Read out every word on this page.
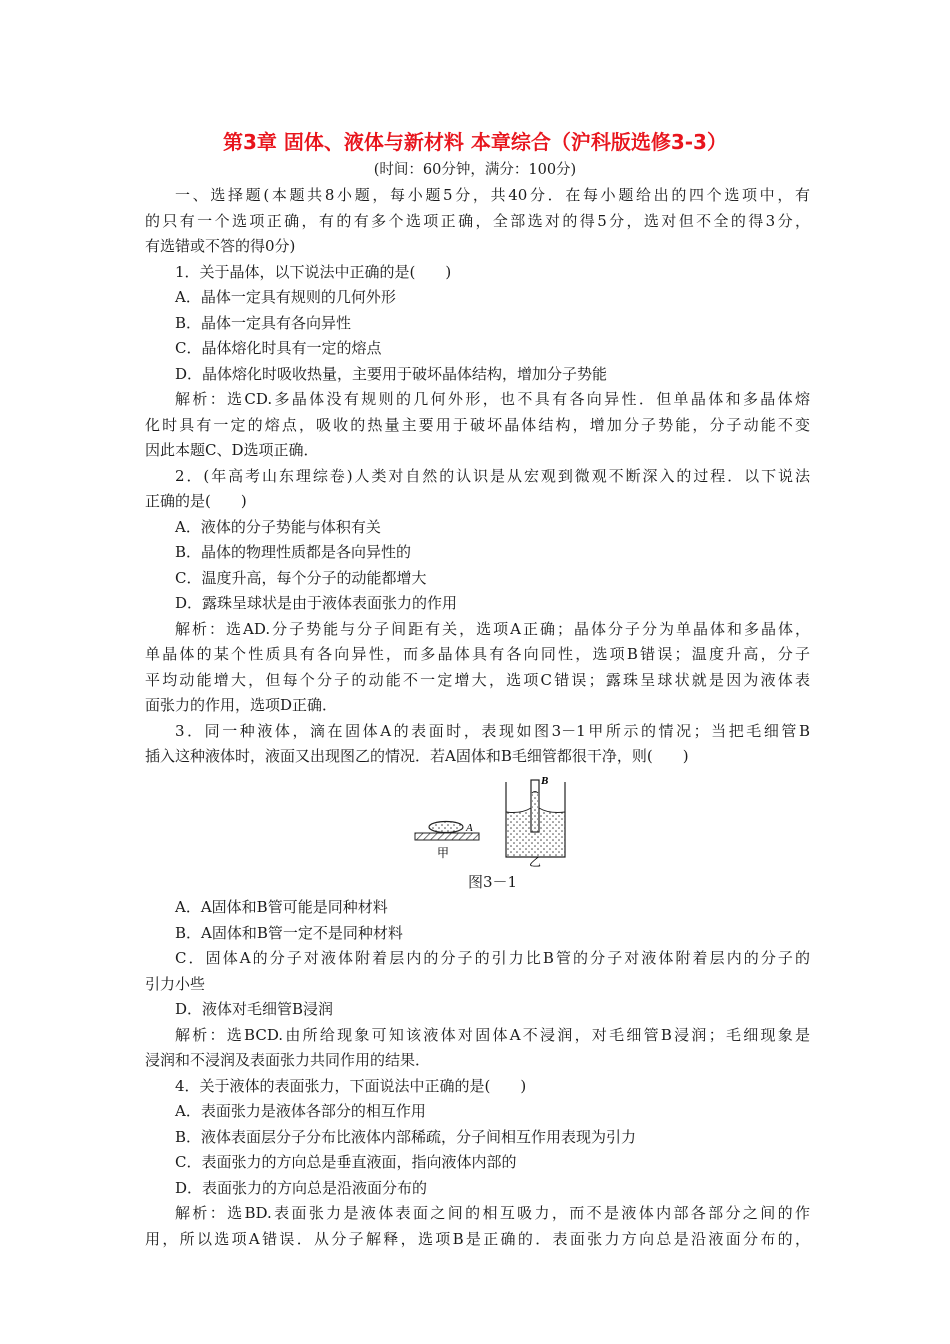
第3章 固体、液体与新材料 本章综合（沪科版选修3-3）
(时间：60分钟，满分：100分)

一、选择题(本题共8小题，每小题5分，共40分．在每小题给出的四个选项中，有

的只有一个选项正确，有的有多个选项正确，全部选对的得5分，选对但不全的得3分，

有选错或不答的得0分)

1．关于晶体，以下说法中正确的是(　　)

A．晶体一定具有规则的几何外形

B．晶体一定具有各向异性

C．晶体熔化时具有一定的熔点

D．晶体熔化时吸收热量，主要用于破坏晶体结构，增加分子势能

解析：选CD.多晶体没有规则的几何外形，也不具有各向异性．但单晶体和多晶体熔

化时具有一定的熔点，吸收的热量主要用于破坏晶体结构，增加分子势能，分子动能不变

因此本题C、D选项正确．

2．(年高考山东理综卷)人类对自然的认识是从宏观到微观不断深入的过程．以下说法

正确的是(　　)

A．液体的分子势能与体积有关

B．晶体的物理性质都是各向异性的

C．温度升高，每个分子的动能都增大

D．露珠呈球状是由于液体表面张力的作用

解析：选AD.分子势能与分子间距有关，选项A正确；晶体分子分为单晶体和多晶体，

单晶体的某个性质具有各向异性，而多晶体具有各向同性，选项B错误；温度升高，分子

平均动能增大，但每个分子的动能不一定增大，选项C错误；露珠呈球状就是因为液体表

面张力的作用，选项D正确．

3．同一种液体，滴在固体A的表面时，表现如图3－1甲所示的情况；当把毛细管B

插入这种液体时，液面又出现图乙的情况．若A固体和B毛细管都很干净，则(　　)

A
甲
B
乙

图3－1

A．A固体和B管可能是同种材料

B．A固体和B管一定不是同种材料

C．固体A的分子对液体附着层内的分子的引力比B管的分子对液体附着层内的分子的

引力小些

D．液体对毛细管B浸润

解析：选BCD.由所给现象可知该液体对固体A不浸润，对毛细管B浸润；毛细现象是

浸润和不浸润及表面张力共同作用的结果．

4．关于液体的表面张力，下面说法中正确的是(　　)

A．表面张力是液体各部分的相互作用

B．液体表面层分子分布比液体内部稀疏，分子间相互作用表现为引力

C．表面张力的方向总是垂直液面，指向液体内部的

D．表面张力的方向总是沿液面分布的

解析：选BD.表面张力是液体表面之间的相互吸力，而不是液体内部各部分之间的作

用，所以选项A错误．从分子解释，选项B是正确的．表面张力方向总是沿液面分布的，
